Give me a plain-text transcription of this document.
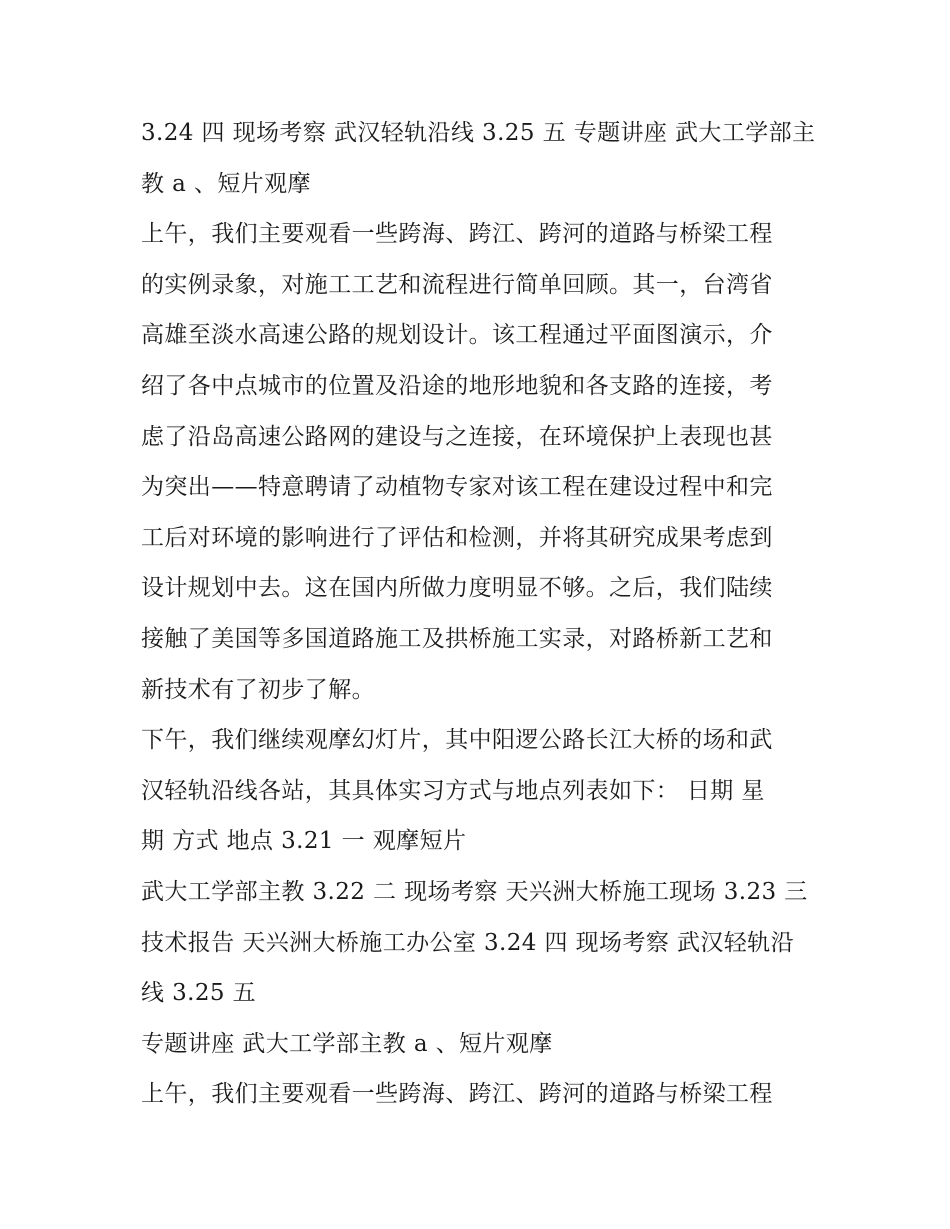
3.24 四 现场考察 武汉轻轨沿线 3.25 五 专题讲座 武大工学部主
教 a 、短片观摩
上午，我们主要观看一些跨海、跨江、跨河的道路与桥梁工程
的实例录象，对施工工艺和流程进行简单回顾。其一，台湾省
高雄至淡水高速公路的规划设计。该工程通过平面图演示，介
绍了各中点城市的位置及沿途的地形地貌和各支路的连接，考
虑了沿岛高速公路网的建设与之连接，在环境保护上表现也甚
为突出——特意聘请了动植物专家对该工程在建设过程中和完
工后对环境的影响进行了评估和检测，并将其研究成果考虑到
设计规划中去。这在国内所做力度明显不够。之后，我们陆续
接触了美国等多国道路施工及拱桥施工实录，对路桥新工艺和
新技术有了初步了解。
下午，我们继续观摩幻灯片，其中阳逻公路长江大桥的场和武
汉轻轨沿线各站，其具体实习方式与地点列表如下： 日期 星
期 方式 地点 3.21 一 观摩短片
武大工学部主教 3.22 二 现场考察 天兴洲大桥施工现场 3.23 三
技术报告 天兴洲大桥施工办公室 3.24 四 现场考察 武汉轻轨沿
线 3.25 五
专题讲座 武大工学部主教 a 、短片观摩
上午，我们主要观看一些跨海、跨江、跨河的道路与桥梁工程
